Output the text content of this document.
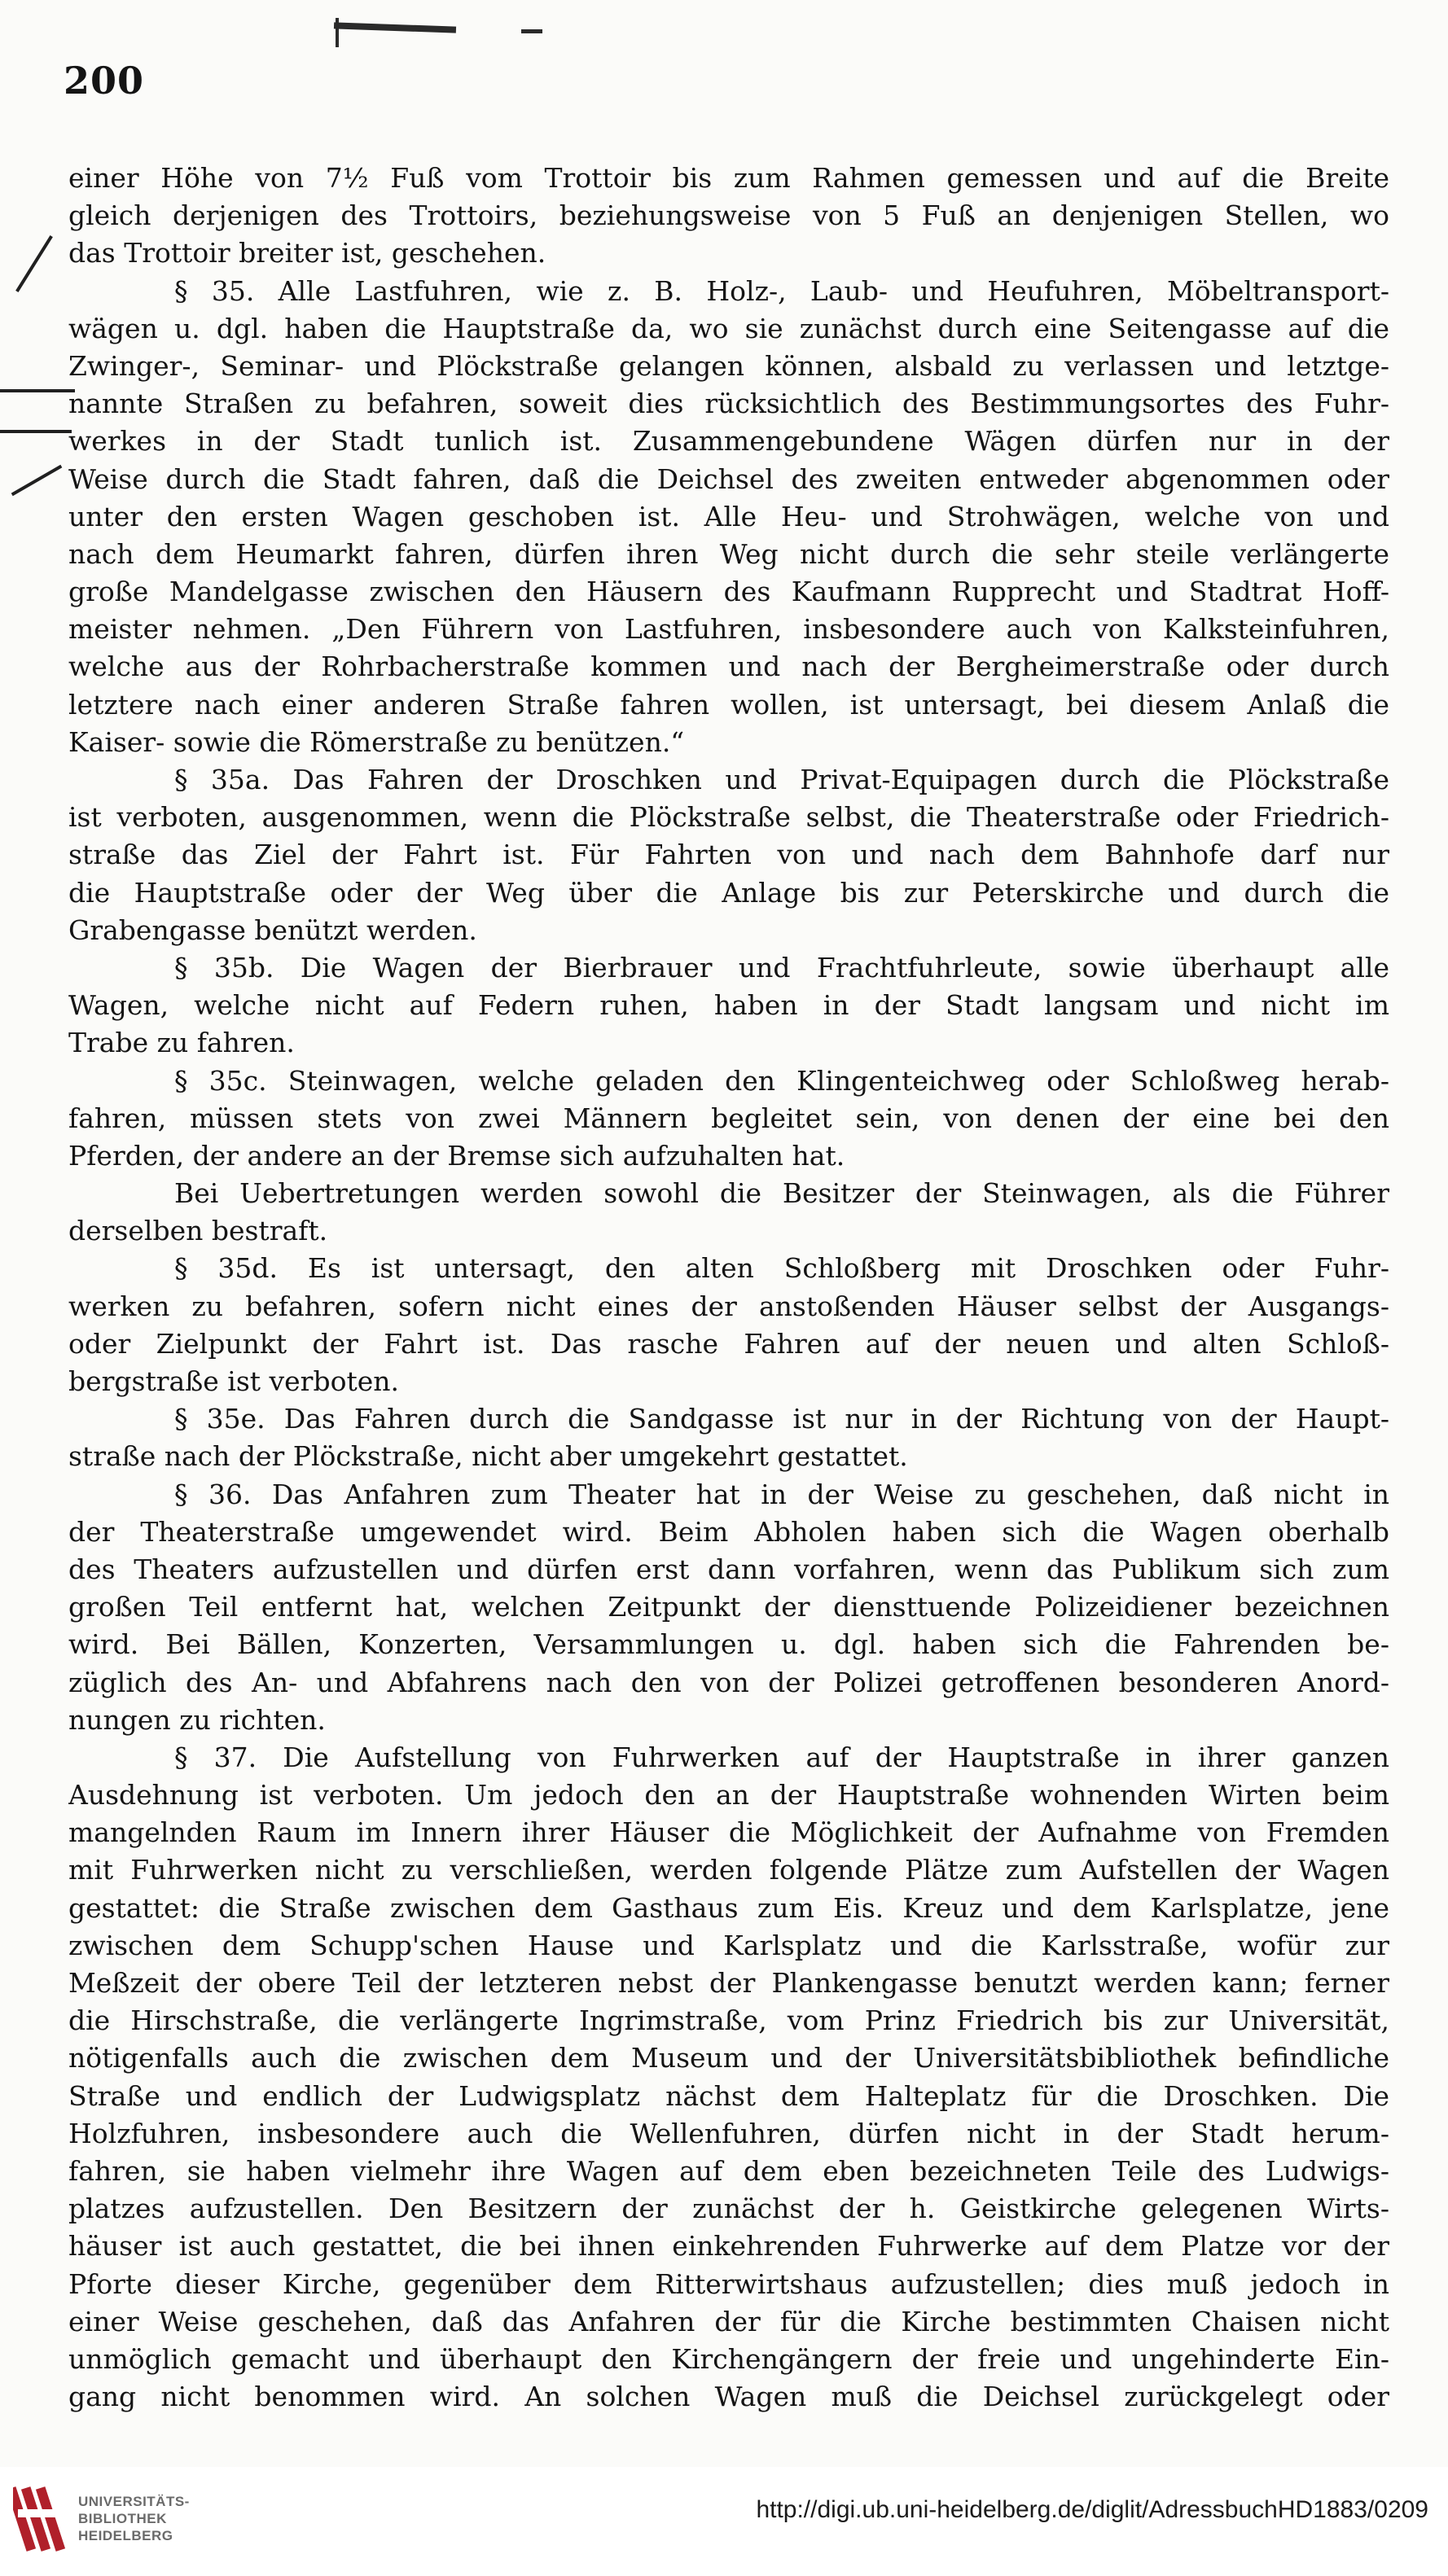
200
einer Höhe von 7½ Fuß vom Trottoir bis zum Rahmen gemessen und auf die Breite
gleich derjenigen des Trottoirs, beziehungsweise von 5 Fuß an denjenigen Stellen, wo
das Trottoir breiter ist, geschehen.
§ 35. Alle Lastfuhren, wie z. B. Holz-, Laub- und Heufuhren, Möbeltransport-
wägen u. dgl. haben die Hauptstraße da, wo sie zunächst durch eine Seitengasse auf die
Zwinger-, Seminar- und Plöckstraße gelangen können, alsbald zu verlassen und letztge-
nannte Straßen zu befahren, soweit dies rücksichtlich des Bestimmungsortes des Fuhr-
werkes in der Stadt tunlich ist. Zusammengebundene Wägen dürfen nur in der
Weise durch die Stadt fahren, daß die Deichsel des zweiten entweder abgenommen oder
unter den ersten Wagen geschoben ist. Alle Heu- und Strohwägen, welche von und
nach dem Heumarkt fahren, dürfen ihren Weg nicht durch die sehr steile verlängerte
große Mandelgasse zwischen den Häusern des Kaufmann Rupprecht und Stadtrat Hoff-
meister nehmen. „Den Führern von Lastfuhren, insbesondere auch von Kalksteinfuhren,
welche aus der Rohrbacherstraße kommen und nach der Bergheimerstraße oder durch
letztere nach einer anderen Straße fahren wollen, ist untersagt, bei diesem Anlaß die
Kaiser- sowie die Römerstraße zu benützen.“
§ 35a. Das Fahren der Droschken und Privat-Equipagen durch die Plöckstraße
ist verboten, ausgenommen, wenn die Plöckstraße selbst, die Theaterstraße oder Friedrich-
straße das Ziel der Fahrt ist. Für Fahrten von und nach dem Bahnhofe darf nur
die Hauptstraße oder der Weg über die Anlage bis zur Peterskirche und durch die
Grabengasse benützt werden.
§ 35b. Die Wagen der Bierbrauer und Frachtfuhrleute, sowie überhaupt alle
Wagen, welche nicht auf Federn ruhen, haben in der Stadt langsam und nicht im
Trabe zu fahren.
§ 35c. Steinwagen, welche geladen den Klingenteichweg oder Schloßweg herab-
fahren, müssen stets von zwei Männern begleitet sein, von denen der eine bei den
Pferden, der andere an der Bremse sich aufzuhalten hat.
Bei Uebertretungen werden sowohl die Besitzer der Steinwagen, als die Führer
derselben bestraft.
§ 35d. Es ist untersagt, den alten Schloßberg mit Droschken oder Fuhr-
werken zu befahren, sofern nicht eines der anstoßenden Häuser selbst der Ausgangs-
oder Zielpunkt der Fahrt ist. Das rasche Fahren auf der neuen und alten Schloß-
bergstraße ist verboten.
§ 35e. Das Fahren durch die Sandgasse ist nur in der Richtung von der Haupt-
straße nach der Plöckstraße, nicht aber umgekehrt gestattet.
§ 36. Das Anfahren zum Theater hat in der Weise zu geschehen, daß nicht in
der Theaterstraße umgewendet wird. Beim Abholen haben sich die Wagen oberhalb
des Theaters aufzustellen und dürfen erst dann vorfahren, wenn das Publikum sich zum
großen Teil entfernt hat, welchen Zeitpunkt der diensttuende Polizeidiener bezeichnen
wird. Bei Bällen, Konzerten, Versammlungen u. dgl. haben sich die Fahrenden be-
züglich des An- und Abfahrens nach den von der Polizei getroffenen besonderen Anord-
nungen zu richten.
§ 37. Die Aufstellung von Fuhrwerken auf der Hauptstraße in ihrer ganzen
Ausdehnung ist verboten. Um jedoch den an der Hauptstraße wohnenden Wirten beim
mangelnden Raum im Innern ihrer Häuser die Möglichkeit der Aufnahme von Fremden
mit Fuhrwerken nicht zu verschließen, werden folgende Plätze zum Aufstellen der Wagen
gestattet: die Straße zwischen dem Gasthaus zum Eis. Kreuz und dem Karlsplatze, jene
zwischen dem Schupp'schen Hause und Karlsplatz und die Karlsstraße, wofür zur
Meßzeit der obere Teil der letzteren nebst der Plankengasse benutzt werden kann; ferner
die Hirschstraße, die verlängerte Ingrimstraße, vom Prinz Friedrich bis zur Universität,
nötigenfalls auch die zwischen dem Museum und der Universitätsbibliothek befindliche
Straße und endlich der Ludwigsplatz nächst dem Halteplatz für die Droschken. Die
Holzfuhren, insbesondere auch die Wellenfuhren, dürfen nicht in der Stadt herum-
fahren, sie haben vielmehr ihre Wagen auf dem eben bezeichneten Teile des Ludwigs-
platzes aufzustellen. Den Besitzern der zunächst der h. Geistkirche gelegenen Wirts-
häuser ist auch gestattet, die bei ihnen einkehrenden Fuhrwerke auf dem Platze vor der
Pforte dieser Kirche, gegenüber dem Ritterwirtshaus aufzustellen; dies muß jedoch in
einer Weise geschehen, daß das Anfahren der für die Kirche bestimmten Chaisen nicht
unmöglich gemacht und überhaupt den Kirchengängern der freie und ungehinderte Ein-
gang nicht benommen wird. An solchen Wagen muß die Deichsel zurückgelegt oder
UNIVERSITÄTS-
BIBLIOTHEK
HEIDELBERG
http://digi.ub.uni-heidelberg.de/diglit/AdressbuchHD1883/0209
